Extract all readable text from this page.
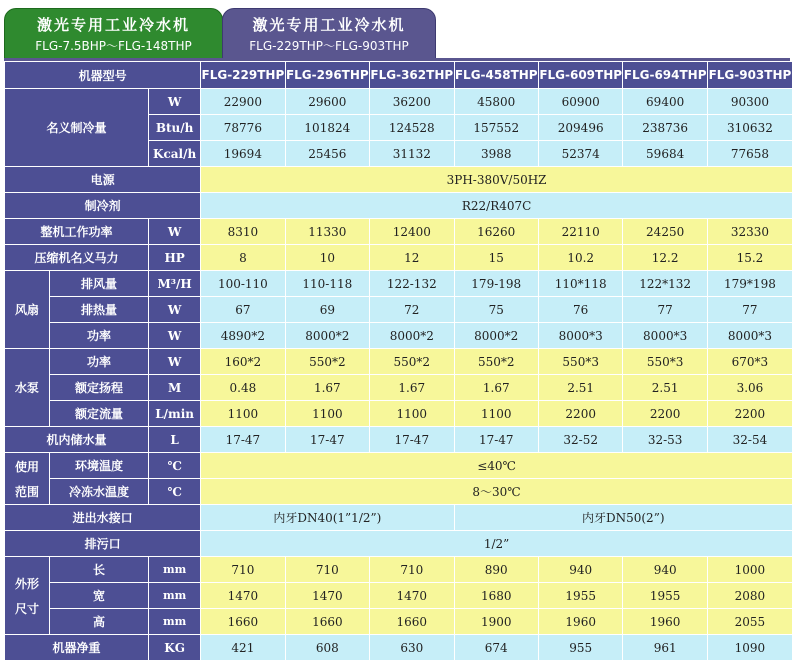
激光专用工业冷水机
FLG-7.5BHP～FLG-148THP
激光专用工业冷水机
FLG-229THP～FLG-903THP
机器型号			FLG-229THP	FLG-296THP	FLG-362THP	FLG-458THP	FLG-609THP	FLG-694THP	FLG-903THP
名义制冷量		W	22900	29600	36200	45800	60900	69400	90300
		Btu/h	78776	101824	124528	157552	209496	238736	310632
		Kcal/h	19694	25456	31132	3988	52374	59684	77658
电源			3PH-380V/50HZ						
制冷剂			R22/R407C						
整机工作功率		W	8310	11330	12400	16260	22110	24250	32330
压缩机名义马力		HP	8	10	12	15	10.2	12.2	15.2
风扇	排风量	M³/H	100-110	110-118	122-132	179-198	110*118	122*132	179*198
	排热量	W	67	69	72	75	76	77	77
	功率	W	4890*2	8000*2	8000*2	8000*2	8000*3	8000*3	8000*3
水泵	功率	W	160*2	550*2	550*2	550*2	550*3	550*3	670*3
	额定扬程	M	0.48	1.67	1.67	1.67	2.51	2.51	3.06
	额定流量	L/min	1100	1100	1100	1100	2200	2200	2200
机内储水量		L	17-47	17-47	17-47	17-47	32-52	32-53	32-54

使用
范围	环境温度	℃	≤40℃						
	冷冻水温度	℃	8～30℃						
进出水接口			内牙DN40(1”1/2”)			内牙DN50(2”)			
排污口			1/2”						

外形
尺寸	长	mm	710	710	710	890	940	940	1000
	宽	mm	1470	1470	1470	1680	1955	1955	2080
	高	mm	1660	1660	1660	1900	1960	1960	2055
机器净重		KG	421	608	630	674	955	961	1090
